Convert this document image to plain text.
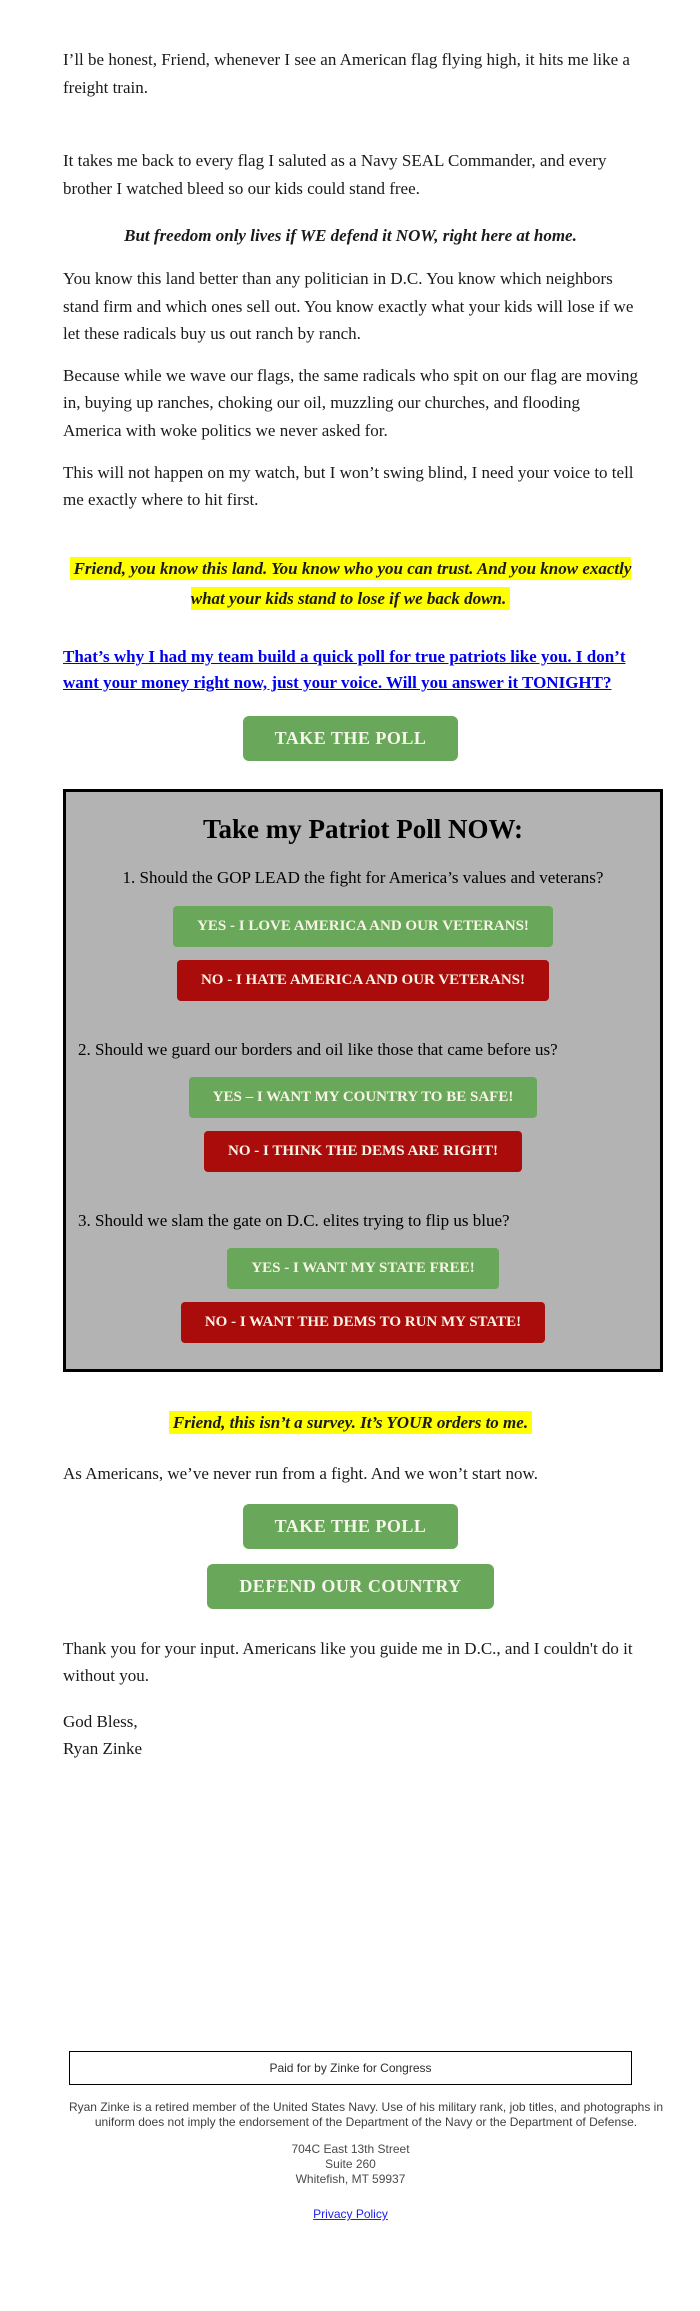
I’ll be honest, Friend, whenever I see an American flag flying high, it hits me like a freight train.

It takes me back to every flag I saluted as a Navy SEAL Commander, and every brother I watched bleed so our kids could stand free.

But freedom only lives if WE defend it NOW, right here at home.

You know this land better than any politician in D.C. You know which neighbors stand firm and which ones sell out. You know exactly what your kids will lose if we let these radicals buy us out ranch by ranch.

Because while we wave our flags, the same radicals who spit on our flag are moving in, buying up ranches, choking our oil, muzzling our churches, and flooding America with woke politics we never asked for.

This will not happen on my watch, but I won’t swing blind, I need your voice to tell me exactly where to hit first.

Friend, you know this land. You know who you can trust. And you know exactly what your kids stand to lose if we back down.
That’s why I had my team build a quick poll for true patriots like you. I don’t want your money right now, just your voice. Will you answer it TONIGHT?
TAKE THE POLL
Take my Patriot Poll NOW:
1. Should the GOP LEAD the fight for America’s values and veterans?
YES - I LOVE AMERICA AND OUR VETERANS!
NO - I HATE AMERICA AND OUR VETERANS!
2. Should we guard our borders and oil like those that came before us?
YES – I WANT MY COUNTRY TO BE SAFE!
NO - I THINK THE DEMS ARE RIGHT!
3. Should we slam the gate on D.C. elites trying to flip us blue?
YES - I WANT MY STATE FREE!
NO - I WANT THE DEMS TO RUN MY STATE!
Friend, this isn’t a survey. It’s YOUR orders to me.

As Americans, we’ve never run from a fight. And we won’t start now.

TAKE THE POLL
DEFEND OUR COUNTRY

Thank you for your input. Americans like you guide me in D.C., and I couldn't do it without you.

God Bless,
Ryan Zinke
Paid for by Zinke for Congress
Ryan Zinke is a retired member of the United States Navy. Use of his military rank, job titles, and photographs in uniform does not imply the endorsement of the Department of the Navy or the Department of Defense.
704C East 13th Street
Suite 260
Whitefish, MT 59937
Privacy Policy
